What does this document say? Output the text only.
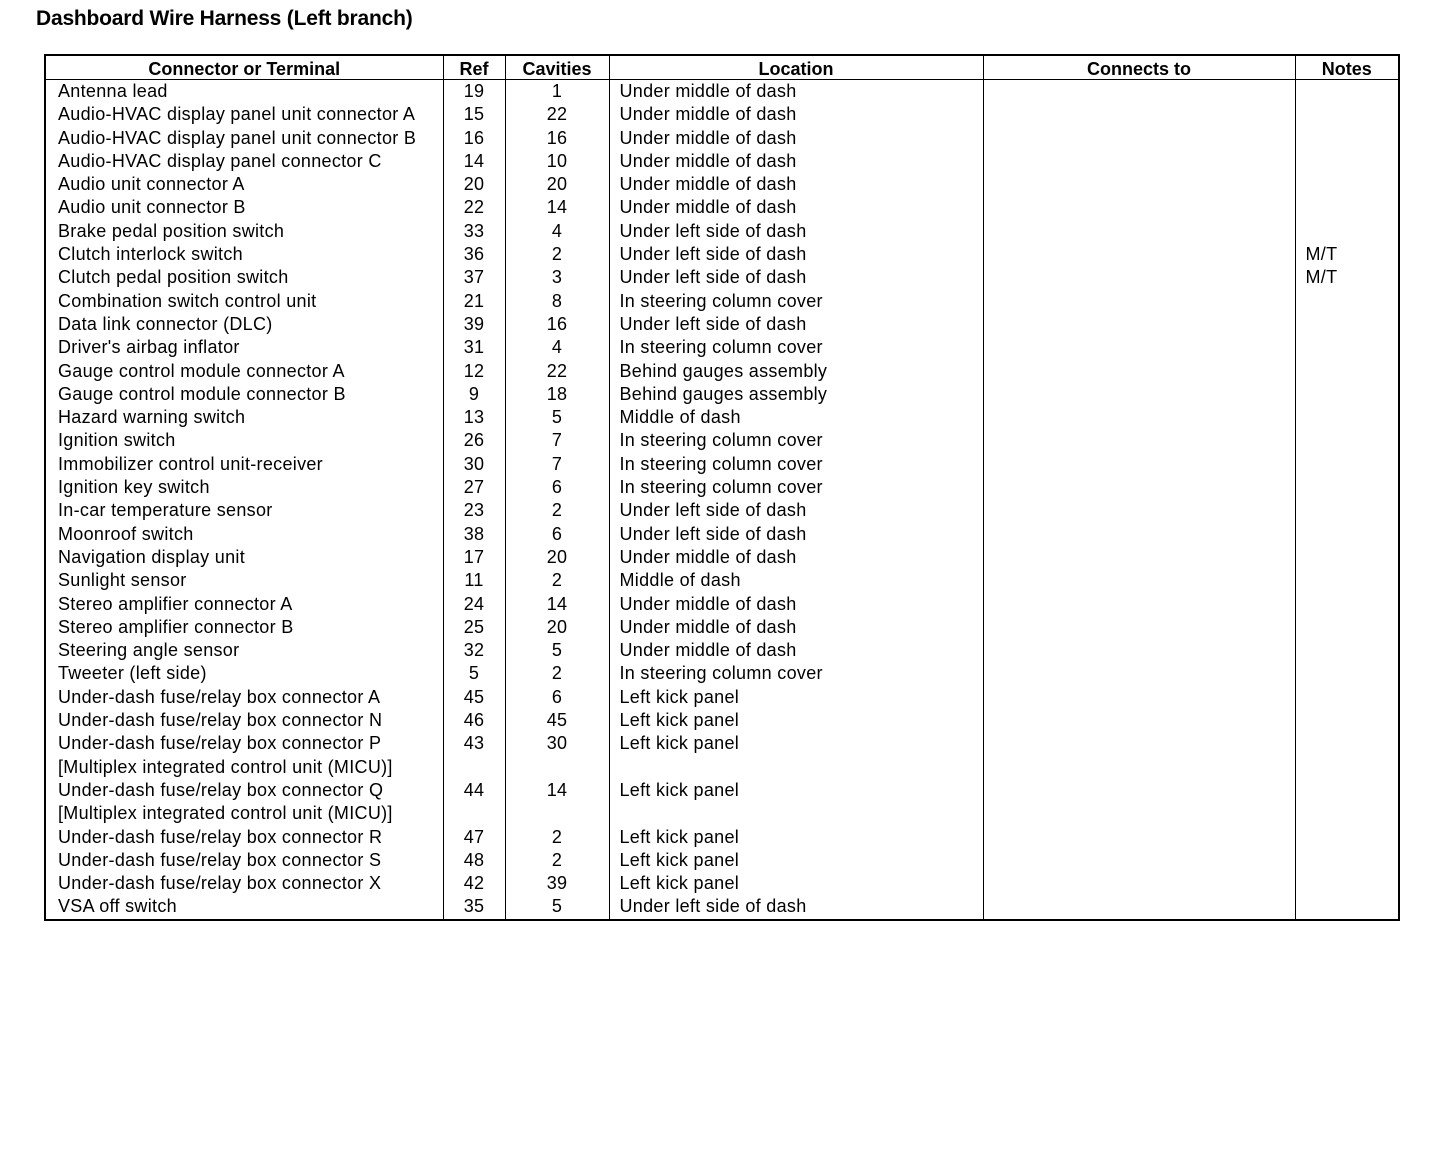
Dashboard Wire Harness (Left branch)
Connector or Terminal	Ref	Cavities	Location	Connects to	Notes
Antenna lead	19	1	Under middle of dash		
Audio-HVAC display panel unit connector A	15	22	Under middle of dash		
Audio-HVAC display panel unit connector B	16	16	Under middle of dash		
Audio-HVAC display panel connector C	14	10	Under middle of dash		
Audio unit connector A	20	20	Under middle of dash		
Audio unit connector B	22	14	Under middle of dash		
Brake pedal position switch	33	4	Under left side of dash		
Clutch interlock switch	36	2	Under left side of dash		M/T
Clutch pedal position switch	37	3	Under left side of dash		M/T
Combination switch control unit	21	8	In steering column cover		
Data link connector (DLC)	39	16	Under left side of dash		
Driver's airbag inflator	31	4	In steering column cover		
Gauge control module connector A	12	22	Behind gauges assembly		
Gauge control module connector B	9	18	Behind gauges assembly		
Hazard warning switch	13	5	Middle of dash		
Ignition switch	26	7	In steering column cover		
Immobilizer control unit-receiver	30	7	In steering column cover		
Ignition key switch	27	6	In steering column cover		
In-car temperature sensor	23	2	Under left side of dash		
Moonroof switch	38	6	Under left side of dash		
Navigation display unit	17	20	Under middle of dash		
Sunlight sensor	11	2	Middle of dash		
Stereo amplifier connector A	24	14	Under middle of dash		
Stereo amplifier connector B	25	20	Under middle of dash		
Steering angle sensor	32	5	Under middle of dash		
Tweeter (left side)	5	2	In steering column cover		
Under-dash fuse/relay box connector A	45	6	Left kick panel		
Under-dash fuse/relay box connector N	46	45	Left kick panel		
Under-dash fuse/relay box connector P [Multiplex integrated control unit (MICU)]	43	30	Left kick panel		
Under-dash fuse/relay box connector Q [Multiplex integrated control unit (MICU)]	44	14	Left kick panel		
Under-dash fuse/relay box connector R	47	2	Left kick panel		
Under-dash fuse/relay box connector S	48	2	Left kick panel		
Under-dash fuse/relay box connector X	42	39	Left kick panel		
VSA off switch	35	5	Under left side of dash		
